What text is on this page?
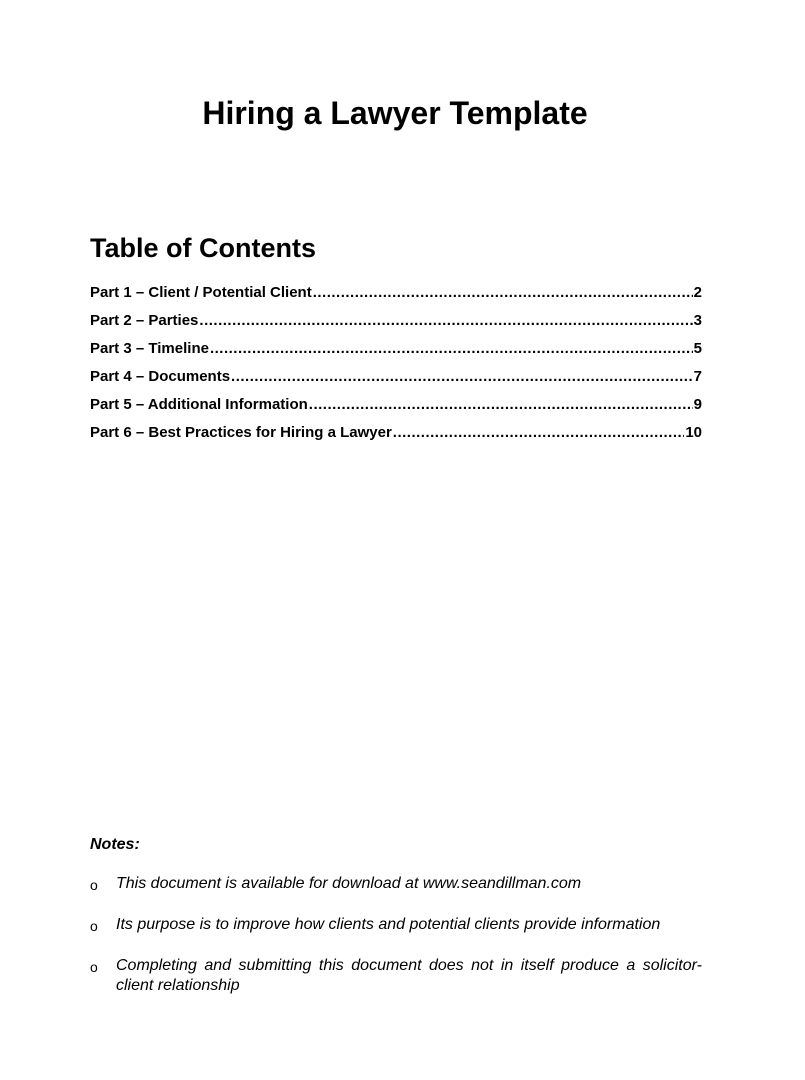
Hiring a Lawyer Template
Table of Contents
Part 1 – Client / Potential Client .....	2
Part 2 – Parties .....	3
Part 3 – Timeline .....	5
Part 4 – Documents .....	7
Part 5 – Additional Information .....	9
Part 6 – Best Practices for Hiring a Lawyer .....	10

Notes:

o	This document is available for download at www.seandillman.com
o	Its purpose is to improve how clients and potential clients provide information
o	Completing and submitting this document does not in itself produce a solicitor-client relationship
